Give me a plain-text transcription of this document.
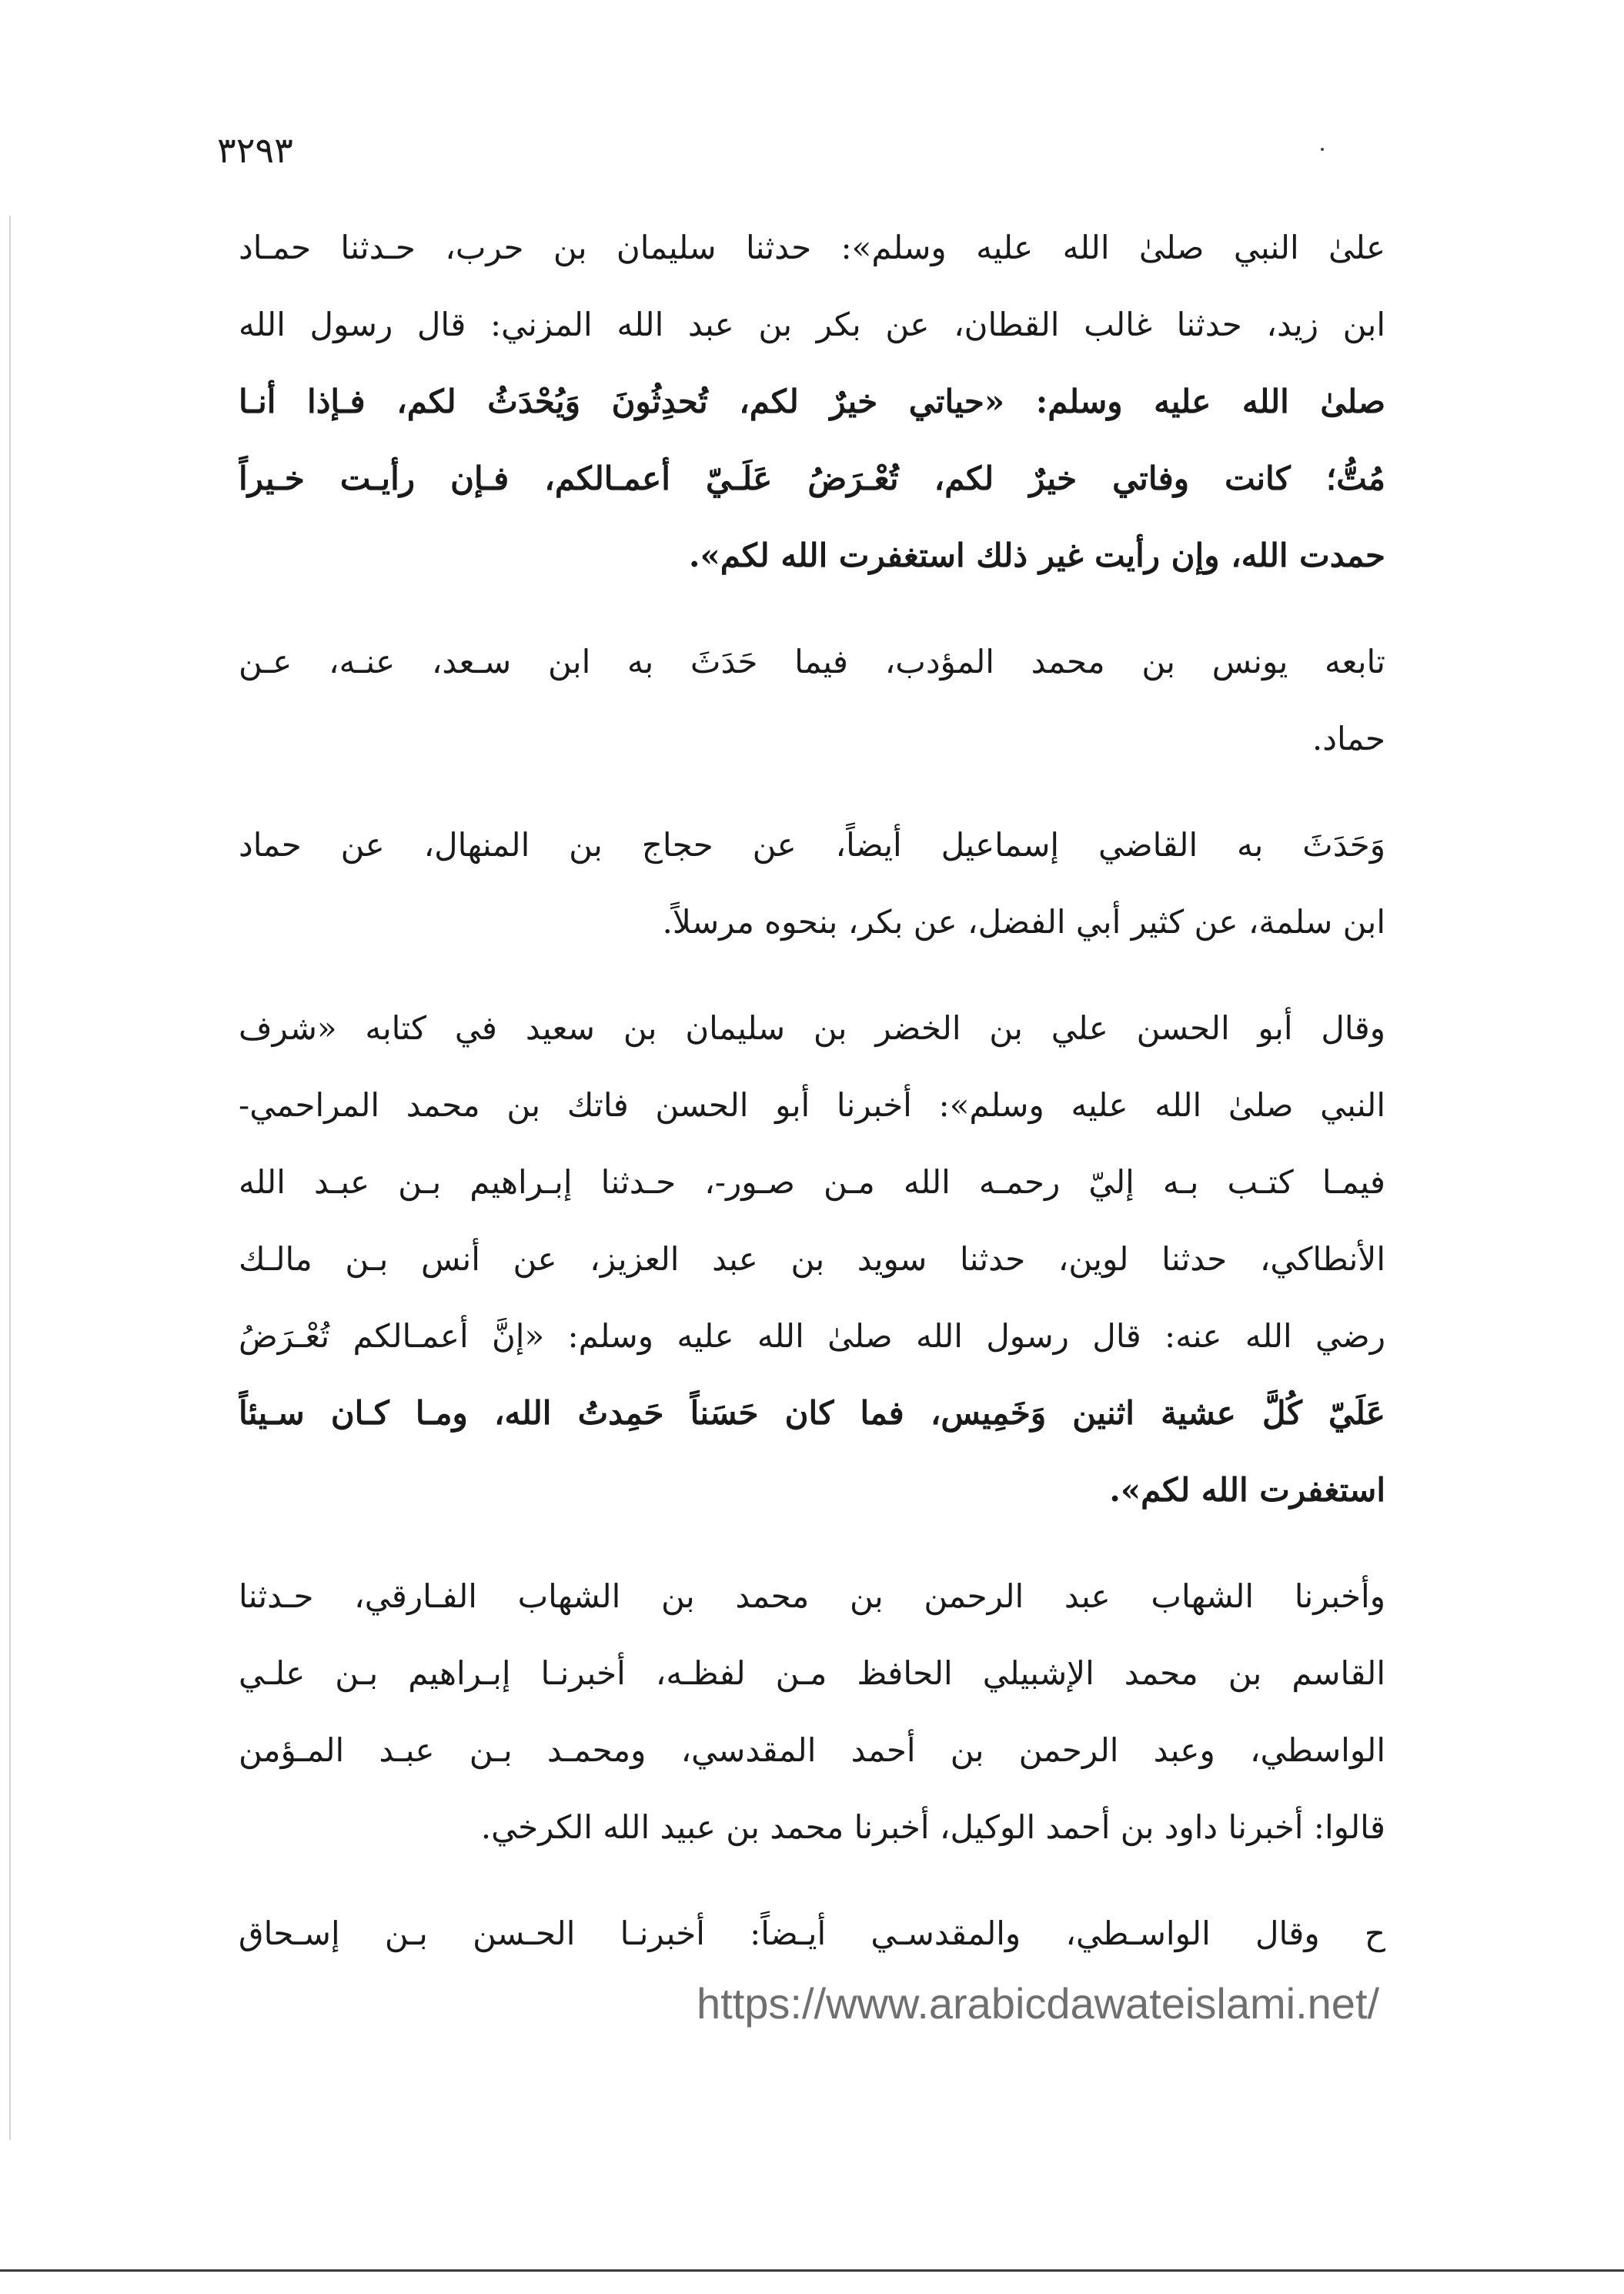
٣٢٩٣
علىٰ النبي صلىٰ الله عليه وسلم»: حدثنا سليمان بن حرب، حـدثنا حمـاد
ابن زيد، حدثنا غالب القطان، عن بكر بن عبد الله المزني: قال رسول الله
صلىٰ الله عليه وسلم: «حياتي خيرٌ لكم، تُحدِثُونَ وَيُحْدَثُ لكم، فـإذا أنـا
مُتُّ؛ كانت وفاتي خيرٌ لكم، تُعْـرَضُ عَلَـيّ أعمـالكم، فـإن رأيـت خـيراً
حمدت الله، وإن رأيت غير ذلك استغفرت الله لكم».
تابعه يونس بن محمد المؤدب، فيما حَدَثَ به ابن سـعد، عنـه، عـن
حماد.
وَحَدَثَ به القاضي إسماعيل أيضاً، عن حجاج بن المنهال، عن حماد
ابن سلمة، عن كثير أبي الفضل، عن بكر، بنحوه مرسلاً.
وقال أبو الحسن علي بن الخضر بن سليمان بن سعيد في كتابه «شرف
النبي صلىٰ الله عليه وسلم»: أخبرنا أبو الحسن فاتك بن محمد المراحمي-
فيمـا كتـب بـه إليّ رحمـه الله مـن صـور-، حـدثنا إبـراهيم بـن عبـد الله
الأنطاكي، حدثنا لوين، حدثنا سويد بن عبد العزيز، عن أنس بـن مالـك
رضي الله عنه: قال رسول الله صلىٰ الله عليه وسلم: «إنَّ أعمـالكم تُعْـرَضُ
عَلَيّ كُلَّ عشية اثنين وَخَمِيس، فما كان حَسَناً حَمِدتُ الله، ومـا كـان سـيئاً
استغفرت الله لكم».
وأخبرنا الشهاب عبد الرحمن بن محمد بن الشهاب الفـارقي، حـدثنا
القاسم بن محمد الإشبيلي الحافظ مـن لفظـه، أخبرنـا إبـراهيم بـن علـي
الواسطي، وعبد الرحمن بن أحمد المقدسي، ومحمـد بـن عبـد المـؤمن
قالوا: أخبرنا داود بن أحمد الوكيل، أخبرنا محمد بن عبيد الله الكرخي.
ح وقال الواسـطي، والمقدسـي أيـضاً: أخبرنـا الحـسن بـن إسـحاق
https://www.arabicdawateislami.net/
